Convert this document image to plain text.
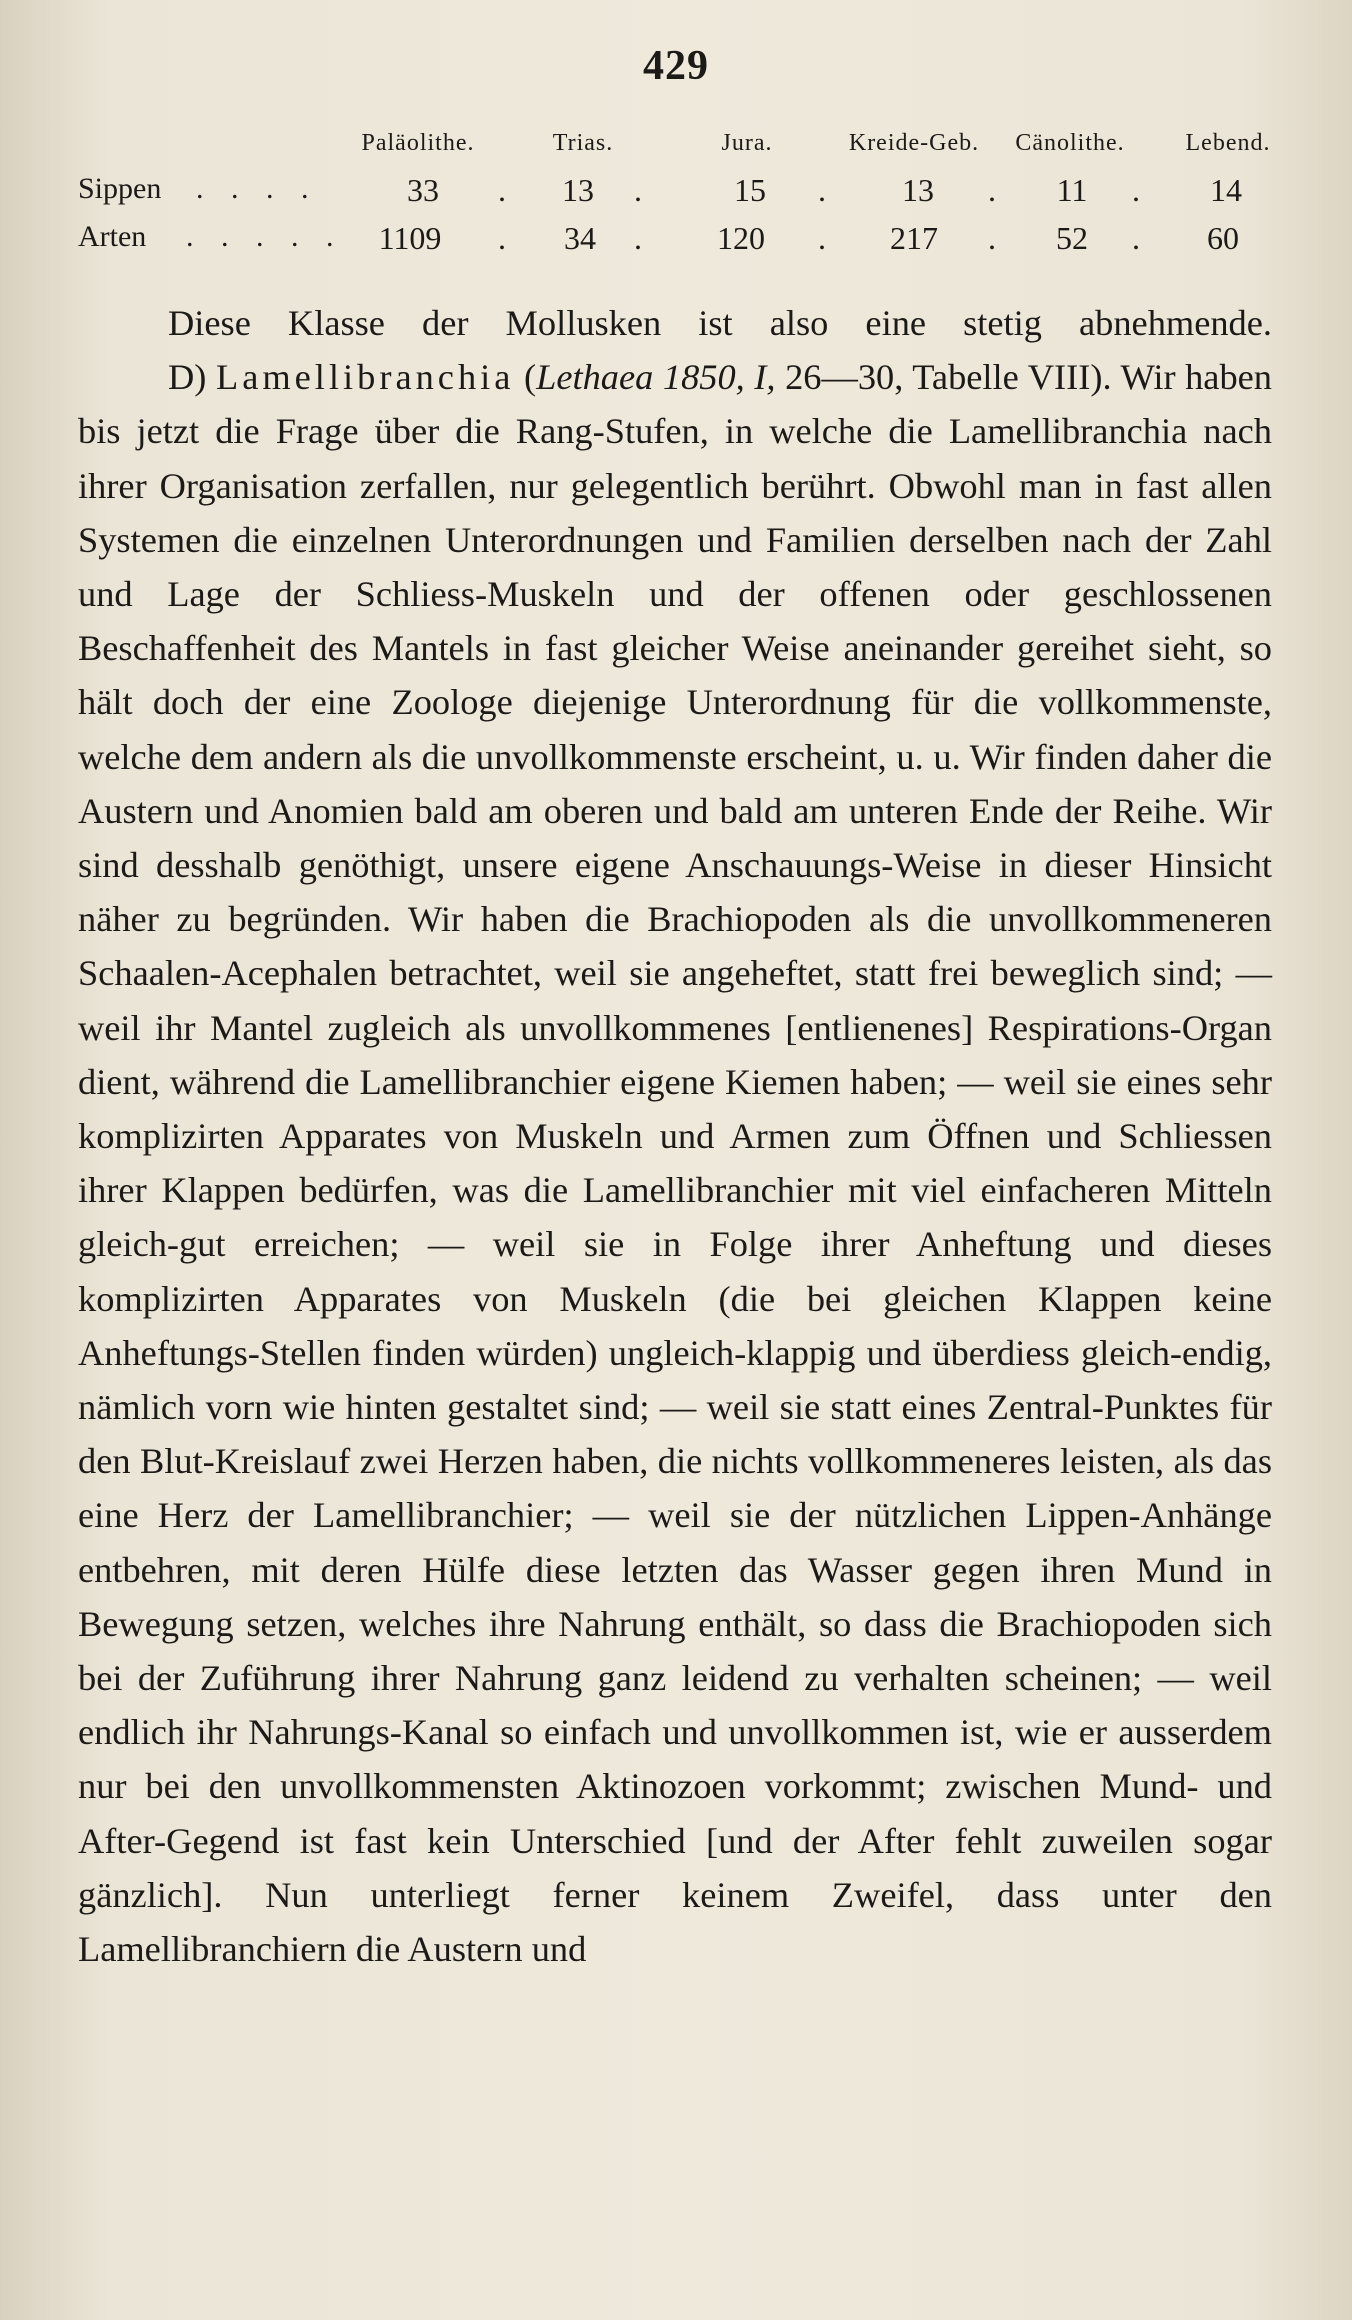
429
Paläolithe.	Trias.	Jura.	Kreide-Geb. Cänolithe.	Lebend.
Sippen . . . .	33 . 13 .	15 . 13 . 11 . 14
Arten . . . . . 1109 . 34 . 120 . 217 . 52 . 60

Diese Klasse der Mollusken ist also eine stetig abnehmende.

D) Lamellibranchia (Lethaea 1850, I, 26—30, Tabelle VIII). Wir haben bis jetzt die Frage über die Rang-Stufen, in welche die Lamellibranchia nach ihrer Organisation zerfallen, nur gelegentlich berührt. Obwohl man in fast allen Systemen die einzelnen Unterordnungen und Familien derselben nach der Zahl und Lage der Schliess-Muskeln und der offenen oder geschlossenen Beschaffenheit des Mantels in fast gleicher Weise aneinander gereihet sieht, so hält doch der eine Zoologe diejenige Unterordnung für die vollkommenste, welche dem andern als die unvollkommenste erscheint, u. u. Wir finden daher die Austern und Anomien bald am oberen und bald am unteren Ende der Reihe. Wir sind desshalb genöthigt, unsere eigene Anschauungs-Weise in dieser Hinsicht näher zu begründen. Wir haben die Brachiopoden als die unvollkommeneren Schaalen-Acephalen betrachtet, weil sie angeheftet, statt frei beweglich sind; — weil ihr Mantel zugleich als unvollkommenes [entlienenes] Respirations-Organ dient, während die Lamellibranchier eigene Kiemen haben; — weil sie eines sehr komplizirten Apparates von Muskeln und Armen zum Öffnen und Schliessen ihrer Klappen bedürfen, was die Lamellibranchier mit viel einfacheren Mitteln gleich-gut erreichen; — weil sie in Folge ihrer Anheftung und dieses komplizirten Apparates von Muskeln (die bei gleichen Klappen keine Anheftungs-Stellen finden würden) ungleich-klappig und überdiess gleich-endig, nämlich vorn wie hinten gestaltet sind; — weil sie statt eines Zentral-Punktes für den Blut-Kreislauf zwei Herzen haben, die nichts vollkommeneres leisten, als das eine Herz der Lamellibranchier; — weil sie der nützlichen Lippen-Anhänge entbehren, mit deren Hülfe diese letzten das Wasser gegen ihren Mund in Bewegung setzen, welches ihre Nahrung enthält, so dass die Brachiopoden sich bei der Zuführung ihrer Nahrung ganz leidend zu verhalten scheinen; — weil endlich ihr Nahrungs-Kanal so einfach und unvollkommen ist, wie er ausserdem nur bei den unvollkommensten Aktinozoen vorkommt; zwischen Mund- und After-Gegend ist fast kein Unterschied [und der After fehlt zuweilen sogar gänzlich]. Nun unterliegt ferner keinem Zweifel, dass unter den Lamellibranchiern die Austern und
